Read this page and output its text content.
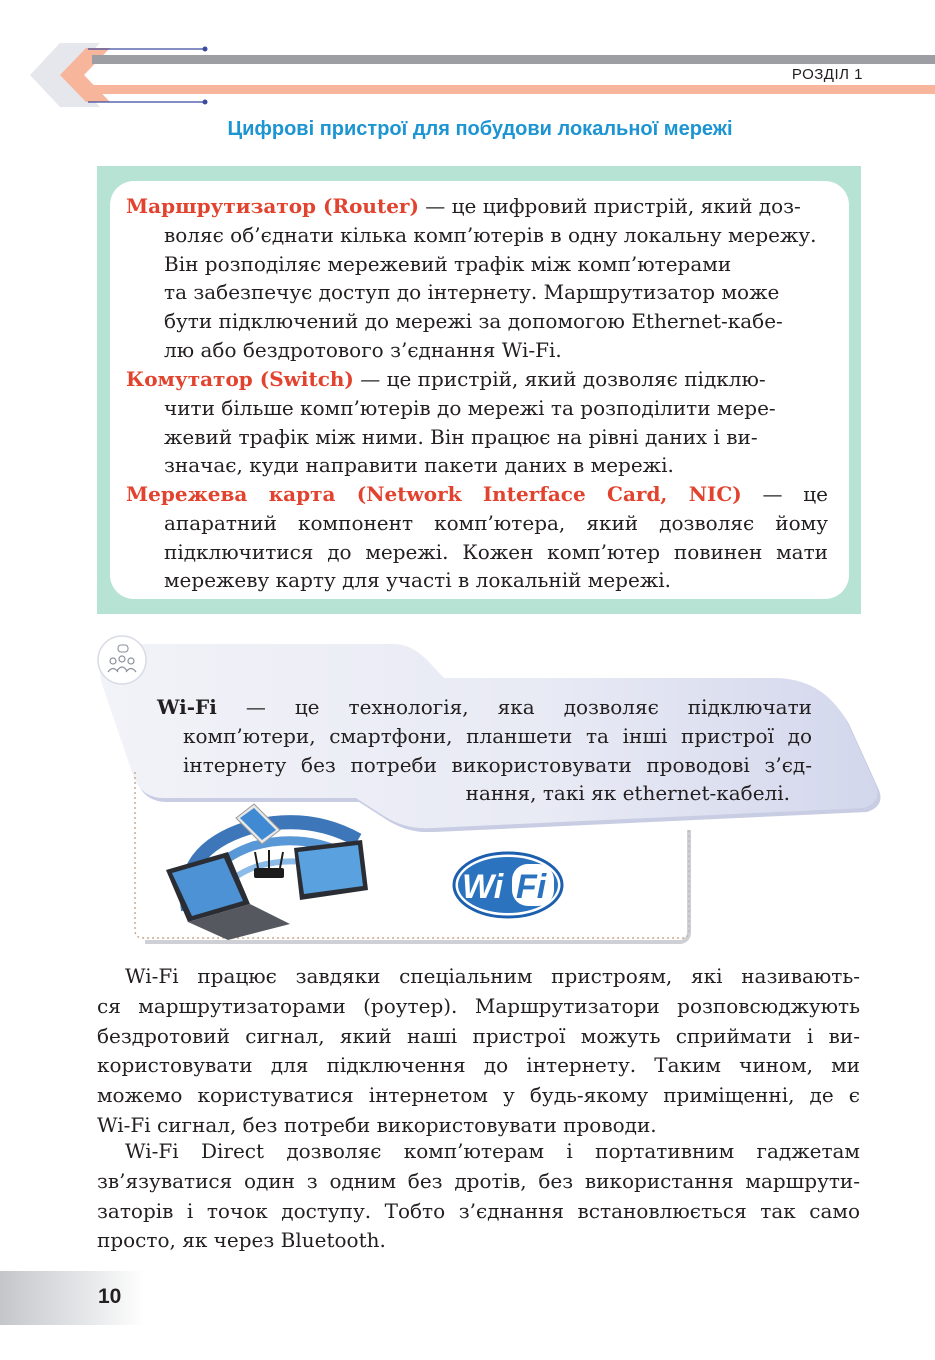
РОЗДІЛ 1
Цифрові пристрої для побудови локальної мережі
Маршрутизатор (Router) — це цифровий пристрій, який доз-
воляє об’єднати кілька комп’ютерів в одну локальну мережу.
Він розподіляє мережевий трафік між комп’ютерами
та забезпечує доступ до інтернету. Маршрутизатор може
бути підключений до мережі за допомогою Ethernet-кабе-
лю або бездротового з’єднання Wi-Fi.
Комутатор (Switch) — це пристрій, який дозволяє підклю-
чити більше комп’ютерів до мережі та розподілити мере-
жевий трафік між ними. Він працює на рівні даних і ви-
значає, куди направити пакети даних в мережі.
Мережева карта (Network Interface Card, NIC) — це
апаратний компонент комп’ютера, який дозволяє йому
підключитися до мережі. Кожен комп’ютер повинен мати
мережеву карту для участі в локальній мережі.
Wi-Fi — це технологія, яка дозволяє підключати
комп’ютери, смартфони, планшети та інші пристрої до
інтернету без потреби використовувати проводові з’єд-
нання, такі як ethernet-кабелі.
Wi Fi
Wi-Fi працює завдяки спеціальним пристроям, які називають-
ся маршрутизаторами (роутер). Маршрутизатори розповсюджують
бездротовий сигнал, який наші пристрої можуть сприймати і ви-
користовувати для підключення до інтернету. Таким чином, ми
можемо користуватися інтернетом у будь-якому приміщенні, де є
Wi-Fi сигнал, без потреби використовувати проводи.
Wi-Fi Direct дозволяє комп’ютерам і портативним гаджетам
зв’язуватися один з одним без дротів, без використання маршрути-
заторів і точок доступу. Тобто з’єднання встановлюється так само
просто, як через Bluetooth.
10
